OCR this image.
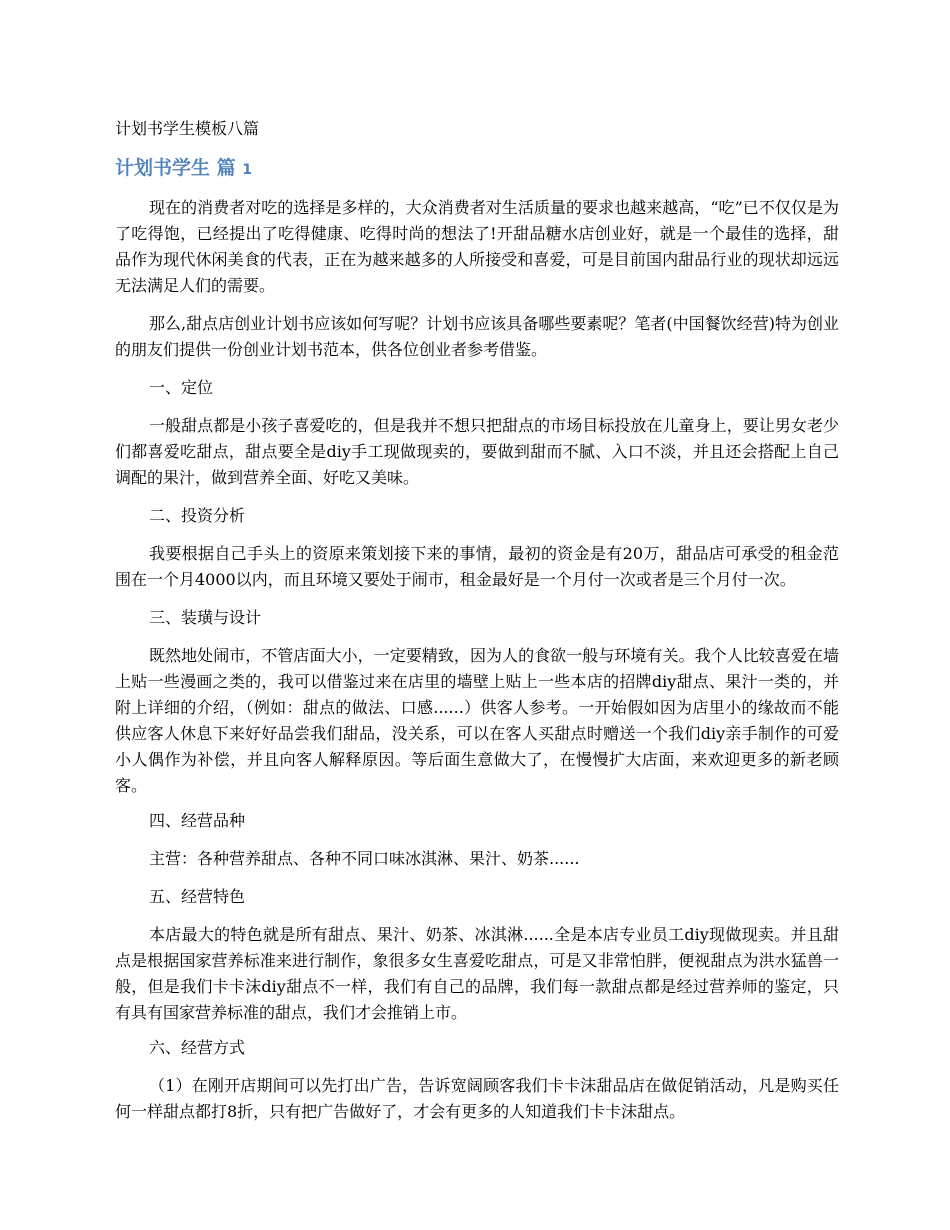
计划书学生模板八篇
计划书学生 篇 1

现在的消费者对吃的选择是多样的，大众消费者对生活质量的要求也越来越高，“吃”已不仅仅是为了吃得饱，已经提出了吃得健康、吃得时尚的想法了!开甜品糖水店创业好，就是一个最佳的选择，甜品作为现代休闲美食的代表，正在为越来越多的人所接受和喜爱，可是目前国内甜品行业的现状却远远无法满足人们的需要。

那么,甜点店创业计划书应该如何写呢？计划书应该具备哪些要素呢？笔者(中国餐饮经营)特为创业的朋友们提供一份创业计划书范本，供各位创业者参考借鉴。

一、定位

一般甜点都是小孩子喜爱吃的，但是我并不想只把甜点的市场目标投放在儿童身上，要让男女老少们都喜爱吃甜点，甜点要全是diy手工现做现卖的，要做到甜而不腻、入口不淡，并且还会搭配上自己调配的果汁，做到营养全面、好吃又美味。

二、投资分析

我要根据自己手头上的资原来策划接下来的事情，最初的资金是有20万，甜品店可承受的租金范围在一个月4000以内，而且环境又要处于闹市，租金最好是一个月付一次或者是三个月付一次。

三、装璜与设计

既然地处闹市，不管店面大小，一定要精致，因为人的食欲一般与环境有关。我个人比较喜爱在墙上贴一些漫画之类的，我可以借鉴过来在店里的墙壁上贴上一些本店的招牌diy甜点、果汁一类的，并附上详细的介绍，（例如：甜点的做法、口感......）供客人参考。一开始假如因为店里小的缘故而不能供应客人休息下来好好品尝我们甜品，没关系，可以在客人买甜点时赠送一个我们diy亲手制作的可爱小人偶作为补偿，并且向客人解释原因。等后面生意做大了，在慢慢扩大店面，来欢迎更多的新老顾客。

四、经营品种

主营：各种营养甜点、各种不同口味冰淇淋、果汁、奶茶......

五、经营特色

本店最大的特色就是所有甜点、果汁、奶茶、冰淇淋......全是本店专业员工diy现做现卖。并且甜点是根据国家营养标准来进行制作，象很多女生喜爱吃甜点，可是又非常怕胖，便视甜点为洪水猛兽一般，但是我们卡卡沫diy甜点不一样，我们有自己的品牌，我们每一款甜点都是经过营养师的鉴定，只有具有国家营养标准的甜点，我们才会推销上市。

六、经营方式

（1）在刚开店期间可以先打出广告，告诉宽阔顾客我们卡卡沫甜品店在做促销活动，凡是购买任何一样甜点都打8折，只有把广告做好了，才会有更多的人知道我们卡卡沫甜点。
